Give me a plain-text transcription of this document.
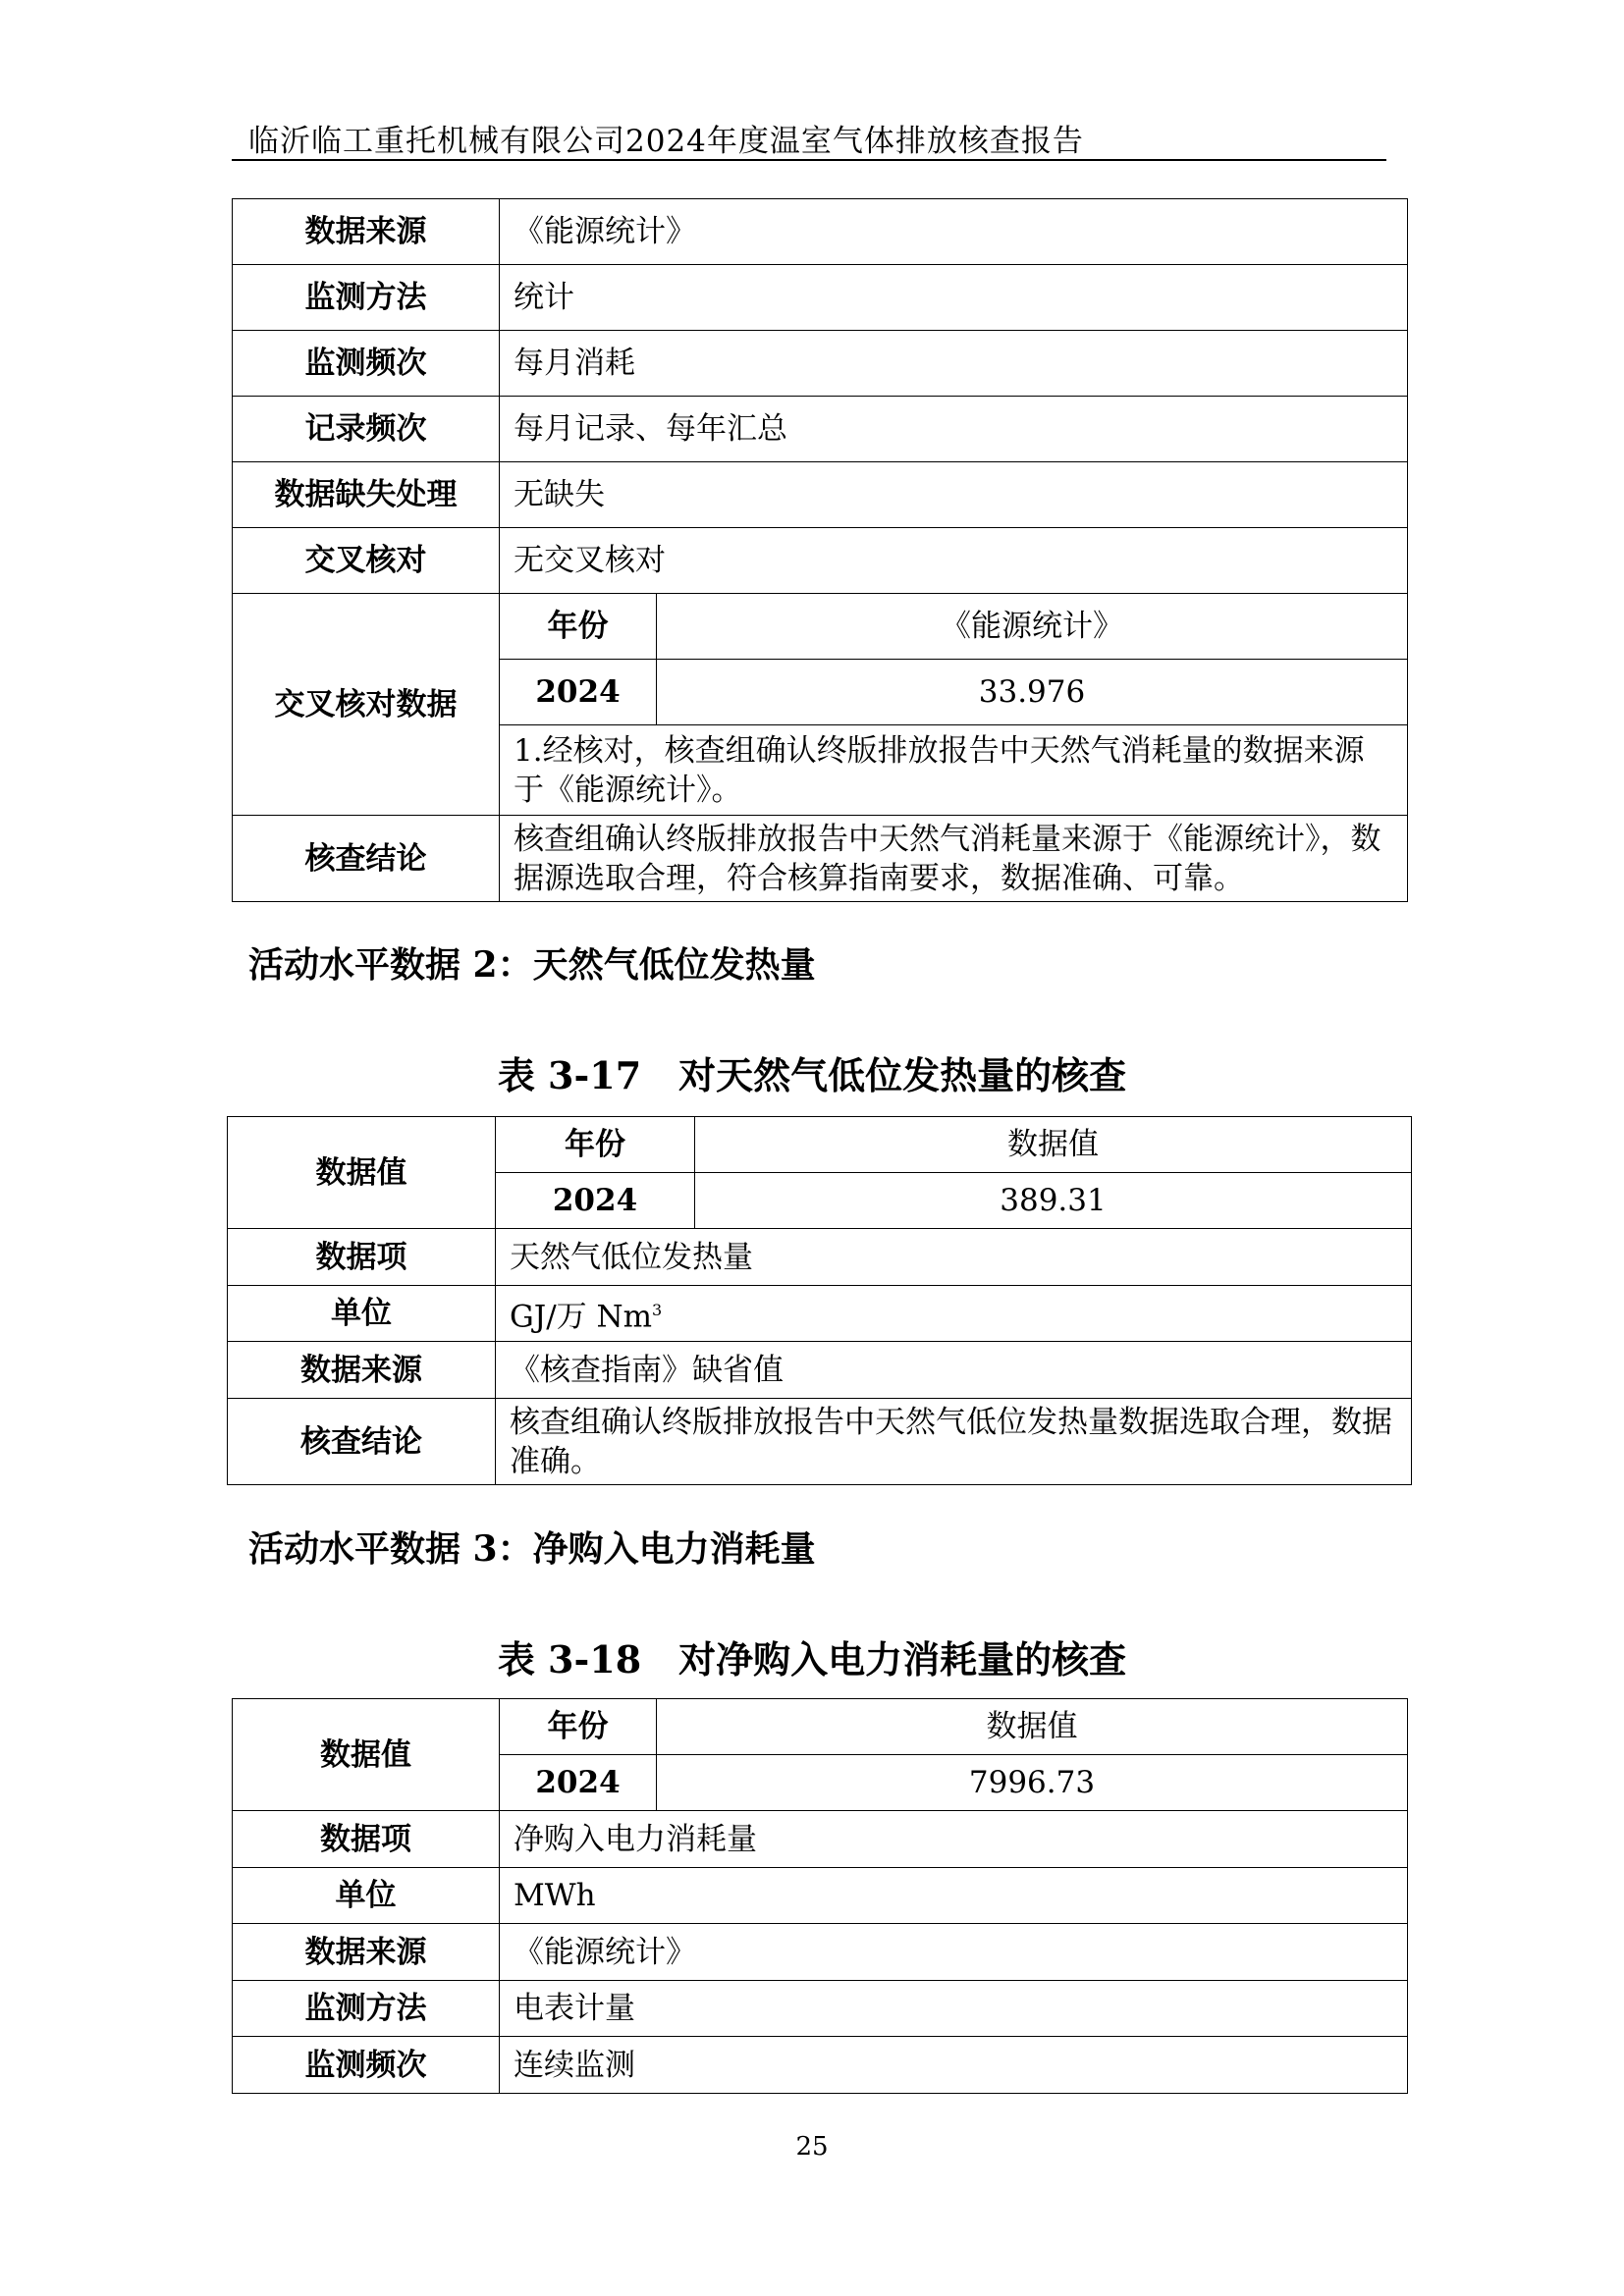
临沂临工重托机械有限公司2024年度温室气体排放核查报告
数据来源	《能源统计》	
监测方法	统计	
监测频次	每月消耗	
记录频次	每月记录、每年汇总	
数据缺失处理	无缺失	
交叉核对	无交叉核对	
交叉核对数据	年份	《能源统计》
	2024	33.976
	1.经核对，核查组确认终版排放报告中天然气消耗量的数据来源于《能源统计》。	
核查结论	核查组确认终版排放报告中天然气消耗量来源于《能源统计》，数据源选取合理，符合核算指南要求，数据准确、可靠。	
活动水平数据 2：天然气低位发热量
表 3-17　对天然气低位发热量的核查
数据值	年份	数据值
	2024	389.31
数据项	天然气低位发热量	
单位	GJ/万 Nm$^3$
数据来源	《核查指南》缺省值	
核查结论	核查组确认终版排放报告中天然气低位发热量数据选取合理，数据准确。	
活动水平数据 3：净购入电力消耗量
表 3-18　对净购入电力消耗量的核查
数据值	年份	数据值
	2024	7996.73
数据项	净购入电力消耗量	
单位	MWh	
数据来源	《能源统计》	
监测方法	电表计量	
监测频次	连续监测	
25
